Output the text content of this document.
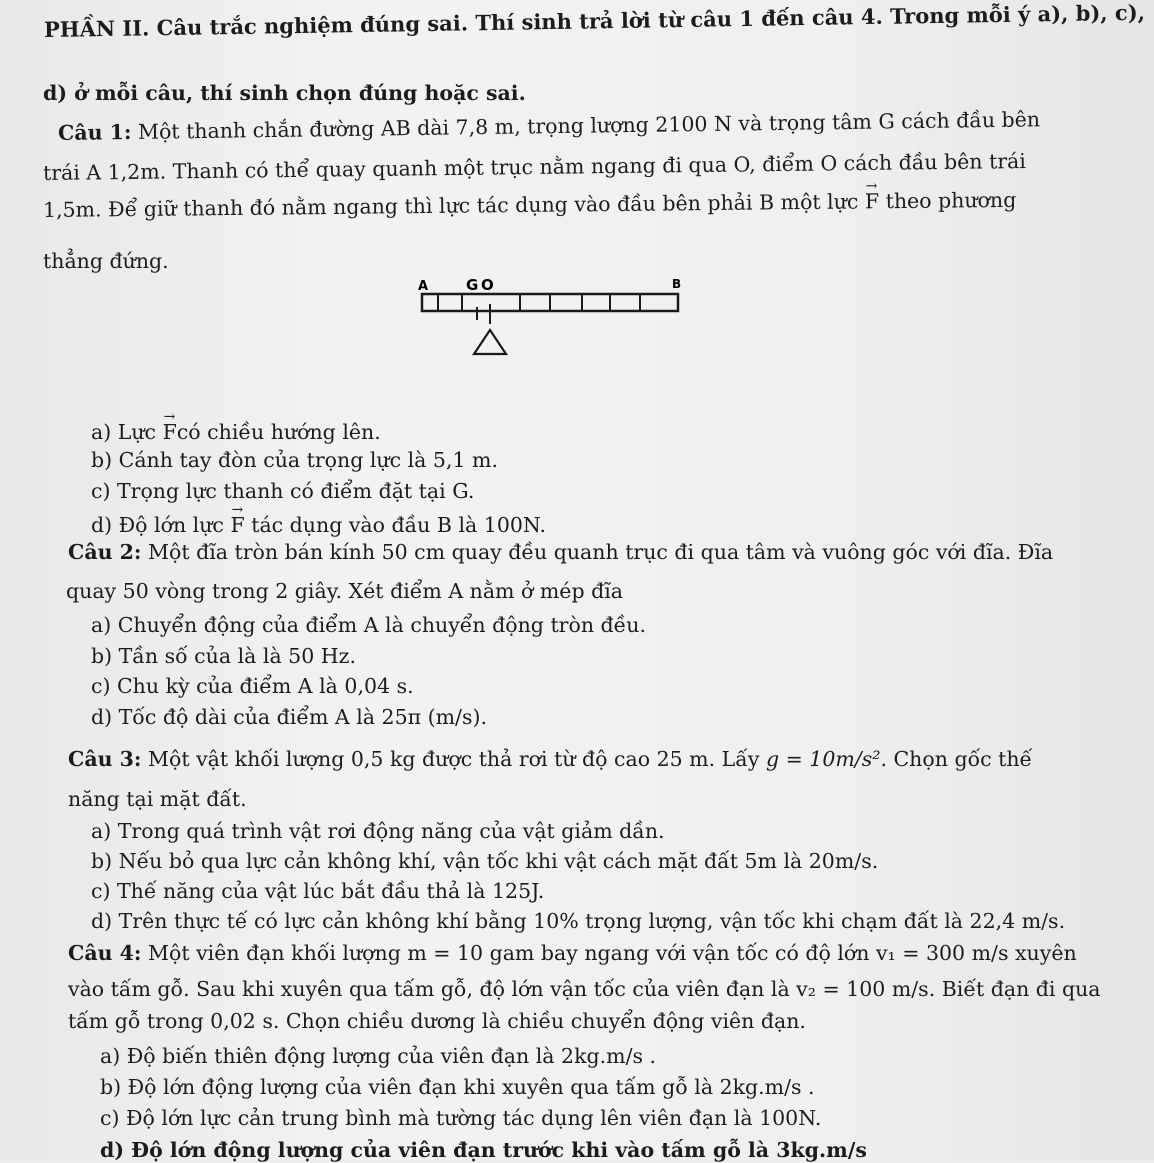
PHẦN II. Câu trắc nghiệm đúng sai. Thí sinh trả lời từ câu 1 đến câu 4. Trong mỗi ý a), b), c),
d) ở mỗi câu, thí sinh chọn đúng hoặc sai.
Câu 1: Một thanh chắn đường AB dài 7,8 m, trọng lượng 2100 N và trọng tâm G cách đầu bên
trái A 1,2m. Thanh có thể quay quanh một trục nằm ngang đi qua O, điểm O cách đầu bên trái
1,5m. Để giữ thanh đó nằm ngang thì lực tác dụng vào đầu bên phải B một lực → F theo phương
thẳng đứng.
A	G O	B
a) Lực → Fcó chiều hướng lên.
b) Cánh tay đòn của trọng lực là 5,1 m.
c) Trọng lực thanh có điểm đặt tại G.
d) Độ lớn lực → F tác dụng vào đầu B là 100N.
Câu 2: Một đĩa tròn bán kính 50 cm quay đều quanh trục đi qua tâm và vuông góc với đĩa. Đĩa
quay 50 vòng trong 2 giây. Xét điểm A nằm ở mép đĩa
a) Chuyển động của điểm A là chuyển động tròn đều.
b) Tần số của là là 50 Hz.
c) Chu kỳ của điểm A là 0,04 s.
d) Tốc độ dài của điểm A là 25π (m/s).
Câu 3: Một vật khối lượng 0,5 kg được thả rơi từ độ cao 25 m. Lấy g = 10m/s². Chọn gốc thế
năng tại mặt đất.
a) Trong quá trình vật rơi động năng của vật giảm dần.
b) Nếu bỏ qua lực cản không khí, vận tốc khi vật cách mặt đất 5m là 20m/s.
c) Thế năng của vật lúc bắt đầu thả là 125J.
d) Trên thực tế có lực cản không khí bằng 10% trọng lượng, vận tốc khi chạm đất là 22,4 m/s.
Câu 4: Một viên đạn khối lượng m = 10 gam bay ngang với vận tốc có độ lớn v₁ = 300 m/s xuyên
vào tấm gỗ. Sau khi xuyên qua tấm gỗ, độ lớn vận tốc của viên đạn là v₂ = 100 m/s. Biết đạn đi qua
tấm gỗ trong 0,02 s. Chọn chiều dương là chiều chuyển động viên đạn.
a) Độ biến thiên động lượng của viên đạn là 2kg.m/s .
b) Độ lớn động lượng của viên đạn khi xuyên qua tấm gỗ là 2kg.m/s .
c) Độ lớn lực cản trung bình mà tường tác dụng lên viên đạn là 100N.
d) Độ lớn động lượng của viên đạn trước khi vào tấm gỗ là 3kg.m/s
